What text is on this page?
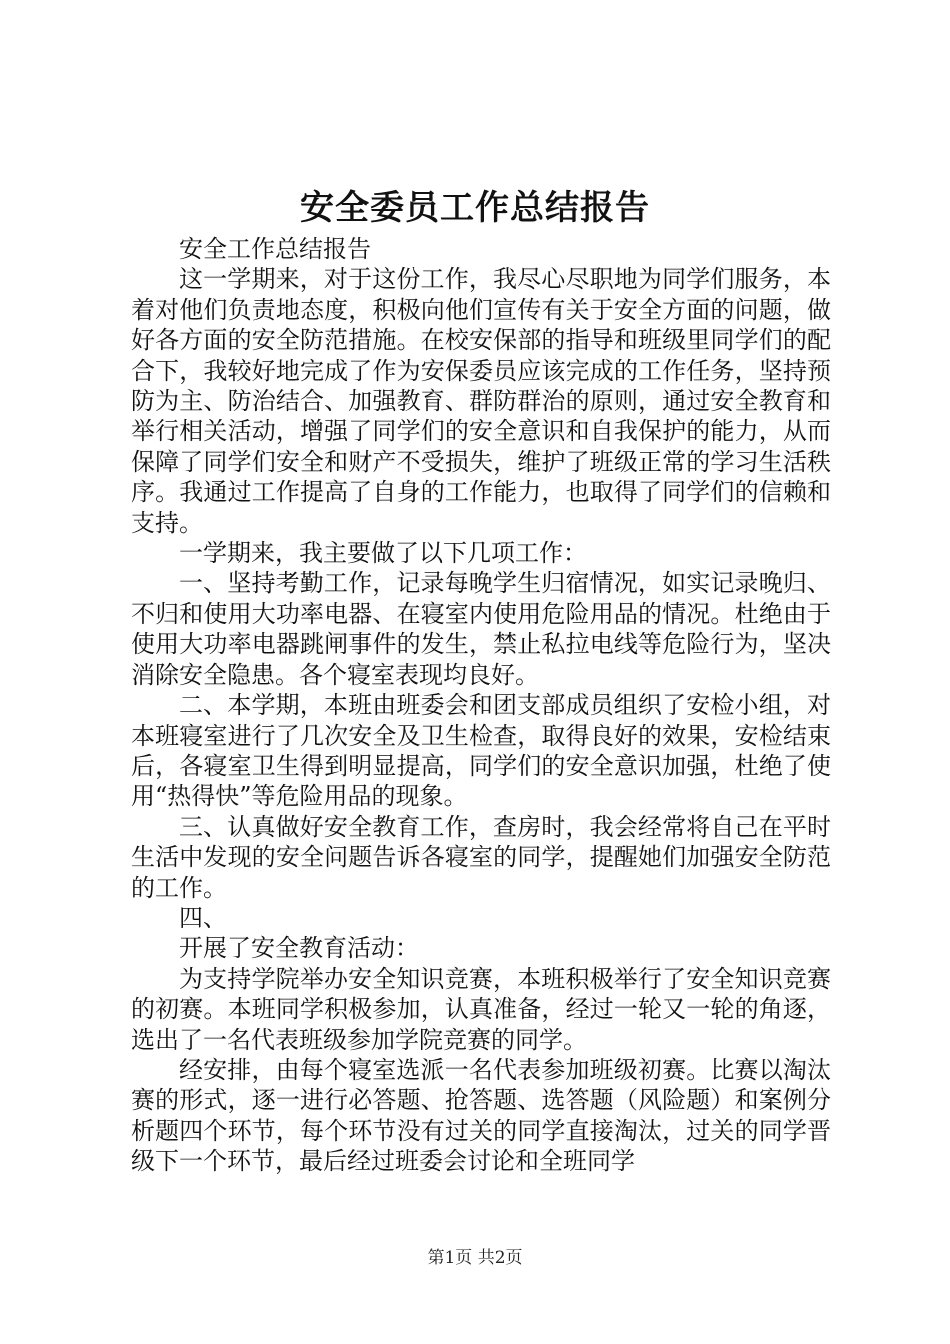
安全委员工作总结报告

安全工作总结报告

这一学期来，对于这份工作，我尽心尽职地为同学们服务，本着对他们负责地态度，积极向他们宣传有关于安全方面的问题，做好各方面的安全防范措施。在校安保部的指导和班级里同学们的配合下，我较好地完成了作为安保委员应该完成的工作任务，坚持预防为主、防治结合、加强教育、群防群治的原则，通过安全教育和举行相关活动，增强了同学们的安全意识和自我保护的能力，从而保障了同学们安全和财产不受损失，维护了班级正常的学习生活秩序。我通过工作提高了自身的工作能力，也取得了同学们的信赖和支持。

一学期来，我主要做了以下几项工作：

一、坚持考勤工作，记录每晚学生归宿情况，如实记录晚归、不归和使用大功率电器、在寝室内使用危险用品的情况。杜绝由于使用大功率电器跳闸事件的发生，禁止私拉电线等危险行为，坚决消除安全隐患。各个寝室表现均良好。

二、本学期，本班由班委会和团支部成员组织了安检小组，对本班寝室进行了几次安全及卫生检查，取得良好的效果，安检结束后，各寝室卫生得到明显提高，同学们的安全意识加强，杜绝了使用“热得快”等危险用品的现象。

三、认真做好安全教育工作，查房时，我会经常将自己在平时生活中发现的安全问题告诉各寝室的同学，提醒她们加强安全防范的工作。

四、

开展了安全教育活动：

为支持学院举办安全知识竞赛，本班积极举行了安全知识竞赛的初赛。本班同学积极参加，认真准备，经过一轮又一轮的角逐，选出了一名代表班级参加学院竞赛的同学。

经安排，由每个寝室选派一名代表参加班级初赛。比赛以淘汰赛的形式，逐一进行必答题、抢答题、选答题（风险题）和案例分析题四个环节，每个环节没有过关的同学直接淘汰，过关的同学晋级下一个环节，最后经过班委会讨论和全班同学

第1页 共2页
